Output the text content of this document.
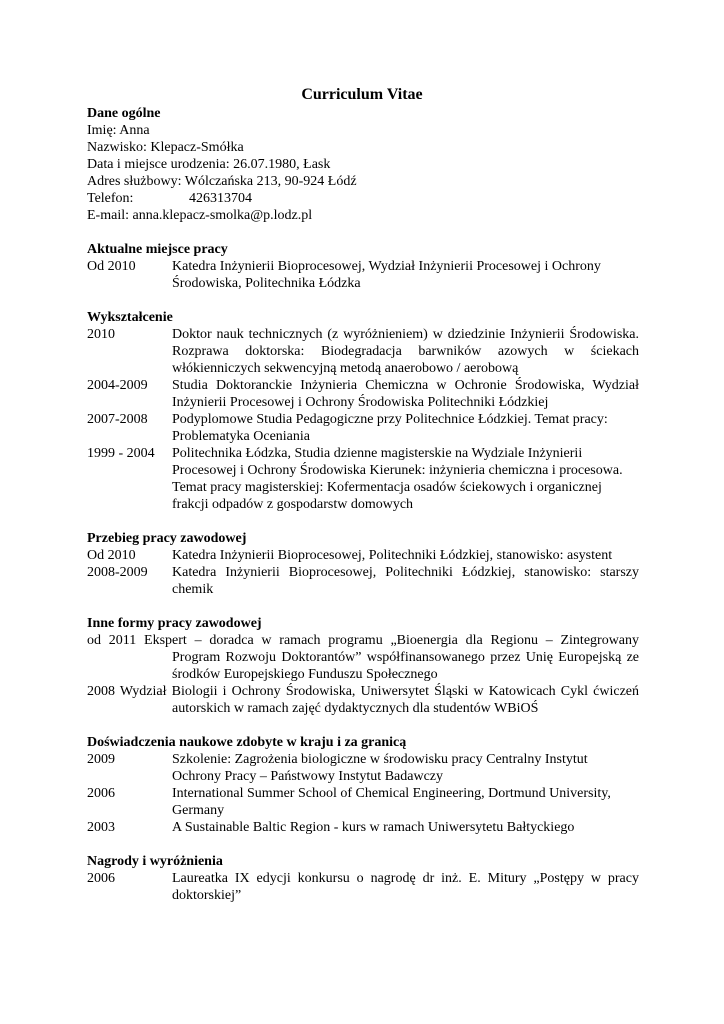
Curriculum Vitae
Dane ogólne
Imię: Anna
Nazwisko: Klepacz-Smółka
Data i miejsce urodzenia: 26.07.1980, Łask
Adres służbowy: Wólczańska 213, 90-924 Łódź
Telefon:	426313704
E-mail: anna.klepacz-smolka@p.lodz.pl
Aktualne miejsce pracy
Od 2010	Katedra Inżynierii Bioprocesowej, Wydział Inżynierii Procesowej i Ochrony Środowiska, Politechnika Łódzka
Wykształcenie
2010	Doktor nauk technicznych (z wyróżnieniem) w dziedzinie Inżynierii Środowiska. Rozprawa doktorska: Biodegradacja barwników azowych w ściekach włókienniczych sekwencyjną metodą anaerobowo / aerobową
2004-2009	Studia Doktoranckie Inżynieria Chemiczna w Ochronie Środowiska, Wydział Inżynierii Procesowej i Ochrony Środowiska Politechniki Łódzkiej
2007-2008	Podyplomowe Studia Pedagogiczne przy Politechnice Łódzkiej. Temat pracy: Problematyka Oceniania
1999 - 2004	Politechnika Łódzka, Studia dzienne magisterskie na Wydziale Inżynierii Procesowej i Ochrony Środowiska Kierunek: inżynieria chemiczna i procesowa. Temat pracy magisterskiej: Kofermentacja osadów ściekowych i organicznej frakcji odpadów z gospodarstw domowych
Przebieg pracy zawodowej
Od 2010	Katedra Inżynierii Bioprocesowej, Politechniki Łódzkiej, stanowisko: asystent
2008-2009	Katedra Inżynierii Bioprocesowej, Politechniki Łódzkiej, stanowisko: starszy chemik
Inne formy pracy zawodowej
od 2011 Ekspert – doradca w ramach programu „Bioenergia dla Regionu – Zintegrowany Program Rozwoju Doktorantów” współfinansowanego przez Unię Europejską ze środków Europejskiego Funduszu Społecznego
2008 Wydział Biologii i Ochrony Środowiska, Uniwersytet Śląski w Katowicach Cykl ćwiczeń autorskich w ramach zajęć dydaktycznych dla studentów WBiOŚ
Doświadczenia naukowe zdobyte w kraju i za granicą
2009	Szkolenie: Zagrożenia biologiczne w środowisku pracy Centralny Instytut Ochrony Pracy – Państwowy Instytut Badawczy
2006	International Summer School of Chemical Engineering, Dortmund University, Germany
2003	A Sustainable Baltic Region - kurs w ramach Uniwersytetu Bałtyckiego
Nagrody i wyróżnienia
2006	Laureatka IX edycji konkursu o nagrodę dr inż. E. Mitury „Postępy w pracy doktorskiej”
